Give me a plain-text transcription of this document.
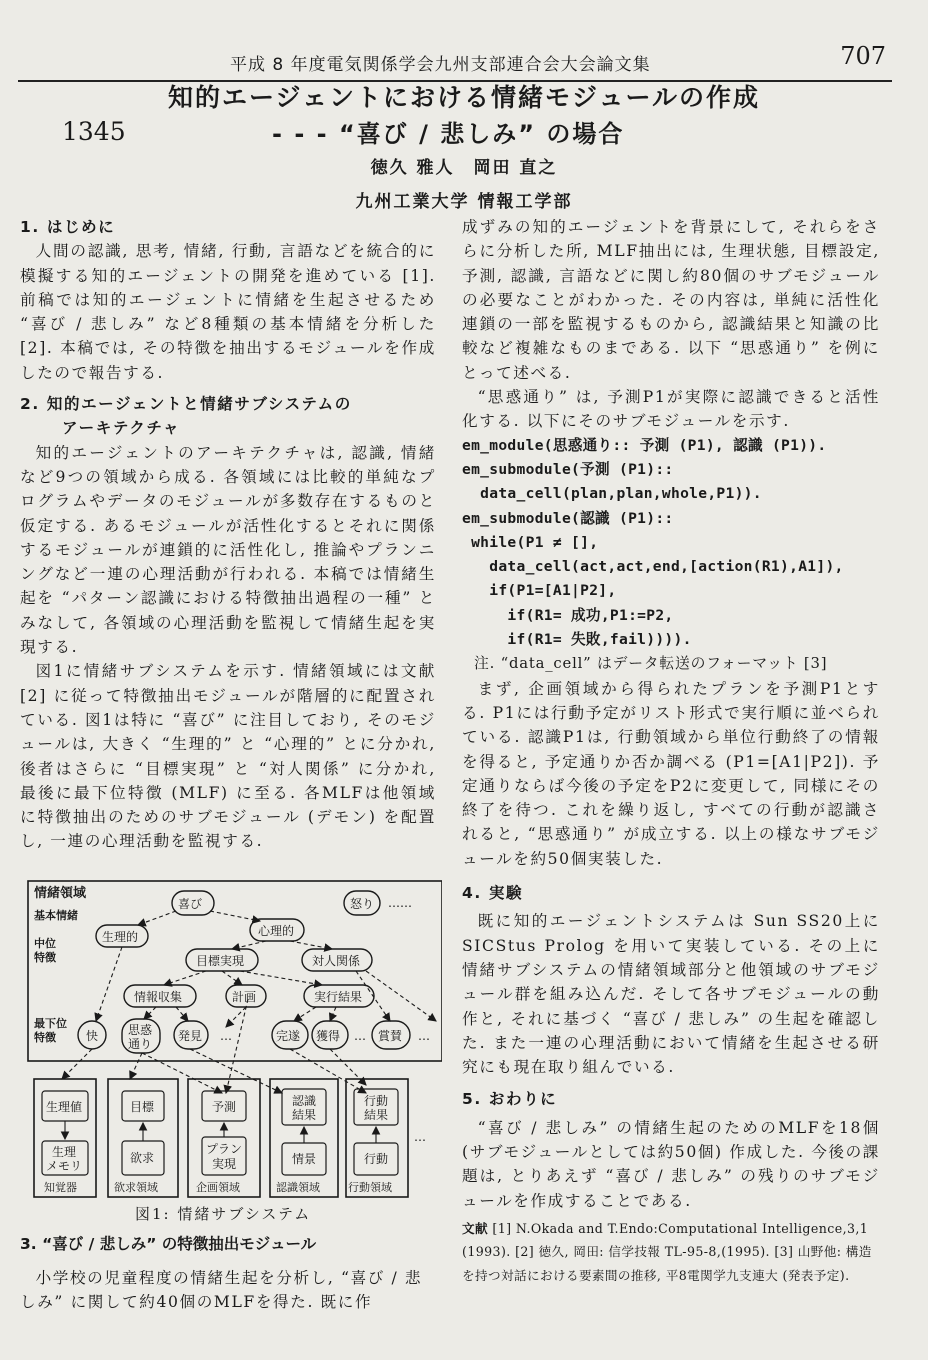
平成 8 年度電気関係学会九州支部連合会大会論文集	707
1345
知的エージェントにおける情緒モジュールの作成
- - - “喜び / 悲しみ” の場合
徳久 雅人　岡田 直之
九州工業大学 情報工学部

1. はじめに

人間の認識, 思考, 情緒, 行動, 言語などを統合的に模擬する知的エージェントの開発を進めている [1]. 前稿では知的エージェントに情緒を生起させるため “喜び / 悲しみ” など8種類の基本情緒を分析した [2]. 本稿では, その特徴を抽出するモジュールを作成したので報告する.

2. 知的エージェントと情緒サブシステムの

アーキテクチャ

知的エージェントのアーキテクチャは, 認識, 情緒など9つの領域から成る. 各領域には比較的単純なプログラムやデータのモジュールが多数存在するものと仮定する. あるモジュールが活性化するとそれに関係するモジュールが連鎖的に活性化し, 推論やプランニングなど一連の心理活動が行われる. 本稿では情緒生起を “パターン認識における特徴抽出過程の一種” とみなして, 各領域の心理活動を監視して情緒生起を実現する.

図1に情緒サブシステムを示す. 情緒領域には文献 [2] に従って特徴抽出モジュールが階層的に配置されている. 図1は特に “喜び” に注目しており, そのモジュールは, 大きく “生理的” と “心理的” とに分かれ, 後者はさらに “目標実現” と “対人関係” に分かれ, 最後に最下位特徴 (MLF) に至る. 各MLFは他領域に特徴抽出のためのサブモジュール (デモン) を配置し, 一連の心理活動を監視する.

情緒領域
基本情緒
中位特徴
最下位特徴
喜び	怒り ……
生理的	心理的
目標実現	対人関係
情報収集	計画	実行結果
快 思惑
通り
発見 …	完遂 獲得 … 賞賛 …
生理値
生理
メモリ
知覚器
目標
欲求
欲求領域
予測
プラン
実現
企画領域
認識
結果
情景
認識領域
行動
結果
行動
行動領域
…
図1: 情緒サブシステム

3. “喜び / 悲しみ” の特徴抽出モジュール

小学校の児童程度の情緒生起を分析し, “喜び / 悲しみ” に関して約40個のMLFを得た. 既に作

成ずみの知的エージェントを背景にして, それらをさらに分析した所, MLF抽出には, 生理状態, 目標設定, 予測, 認識, 言語などに関し約80個のサブモジュールの必要なことがわかった. その内容は, 単純に活性化連鎖の一部を監視するものから, 認識結果と知識の比較など複雑なものまである. 以下 “思惑通り” を例にとって述べる.

“思惑通り” は, 予測P1が実際に認識できると活性化する. 以下にそのサブモジュールを示す.

em_module(思惑通り:: 予測 (P1), 認識 (P1)).

em_submodule(予測 (P1)::

data_cell(plan,plan,whole,P1)).

em_submodule(認識 (P1)::

while(P1 ≠ [],

data_cell(act,act,end,[action(R1),A1]),

if(P1=[A1|P2],

if(R1= 成功,P1:=P2,

if(R1= 失敗,fail)))).

注. “data_cell” はデータ転送のフォーマット [3]

まず, 企画領域から得られたプランを予測P1とする. P1には行動予定がリスト形式で実行順に並べられている. 認識P1は, 行動領域から単位行動終了の情報を得ると, 予定通りか否か調べる (P1=[A1|P2]). 予定通りならば今後の予定をP2に変更して, 同様にその終了を待つ. これを繰り返し, すべての行動が認識されると, “思惑通り” が成立する. 以上の様なサブモジュールを約50個実装した.

4. 実験

既に知的エージェントシステムは Sun SS20上に SICStus Prolog を用いて実装している. その上に情緒サブシステムの情緒領域部分と他領域のサブモジュール群を組み込んだ. そして各サブモジュールの動作と, それに基づく “喜び / 悲しみ” の生起を確認した. また一連の心理活動において情緒を生起させる研究にも現在取り組んでいる.

5. おわりに

“喜び / 悲しみ” の情緒生起のためのMLFを18個 (サブモジュールとしては約50個) 作成した. 今後の課題は, とりあえず “喜び / 悲しみ” の残りのサブモジュールを作成することである.

文献 [1] N.Okada and T.Endo:Computational Intelligence,3,1 (1993). [2] 徳久, 岡田: 信学技報 TL-95-8,(1995). [3] 山野他: 構造を持つ対話における要素間の推移, 平8電関学九支連大 (発表予定).
